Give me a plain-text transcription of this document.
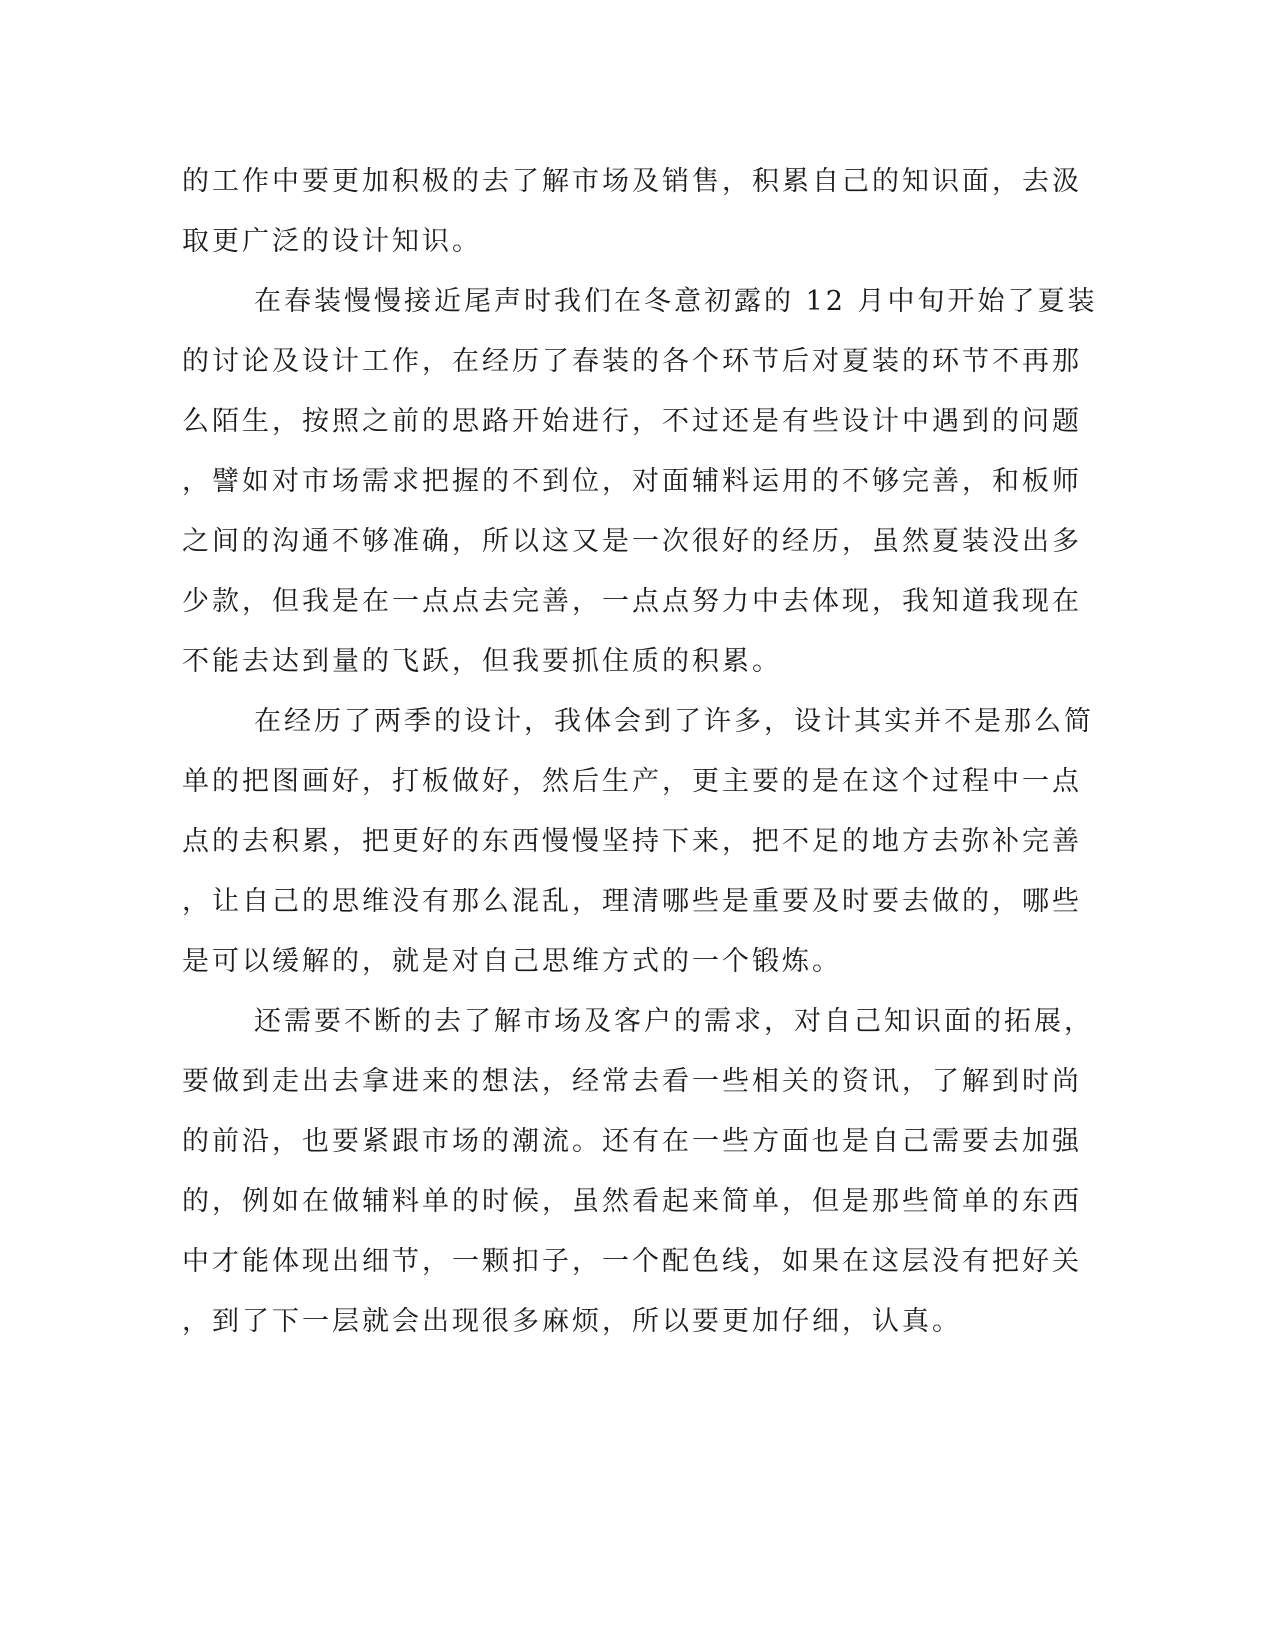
的工作中要更加积极的去了解市场及销售，积累自己的知识面，去汲
取更广泛的设计知识。
在春装慢慢接近尾声时我们在冬意初露的 12 月中旬开始了夏装
的讨论及设计工作，在经历了春装的各个环节后对夏装的环节不再那
么陌生，按照之前的思路开始进行，不过还是有些设计中遇到的问题
，譬如对市场需求把握的不到位，对面辅料运用的不够完善，和板师
之间的沟通不够准确，所以这又是一次很好的经历，虽然夏装没出多
少款，但我是在一点点去完善，一点点努力中去体现，我知道我现在
不能去达到量的飞跃，但我要抓住质的积累。
在经历了两季的设计，我体会到了许多，设计其实并不是那么简
单的把图画好，打板做好，然后生产，更主要的是在这个过程中一点
点的去积累，把更好的东西慢慢坚持下来，把不足的地方去弥补完善
，让自己的思维没有那么混乱，理清哪些是重要及时要去做的，哪些
是可以缓解的，就是对自己思维方式的一个锻炼。
还需要不断的去了解市场及客户的需求，对自己知识面的拓展，
要做到走出去拿进来的想法，经常去看一些相关的资讯，了解到时尚
的前沿，也要紧跟市场的潮流。还有在一些方面也是自己需要去加强
的，例如在做辅料单的时候，虽然看起来简单，但是那些简单的东西
中才能体现出细节，一颗扣子，一个配色线，如果在这层没有把好关
，到了下一层就会出现很多麻烦，所以要更加仔细，认真。
